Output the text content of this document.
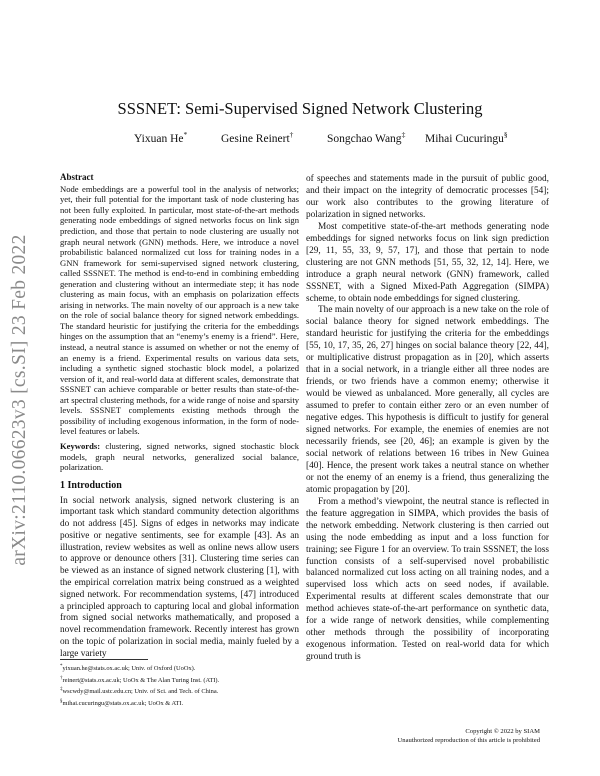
arXiv:2110.06623v3 [cs.SI] 23 Feb 2022
SSSNET: Semi-Supervised Signed Network Clustering
Yixuan He*	Gesine Reinert†	Songchao Wang‡ Mihai Cucuringu§
Abstract

Node embeddings are a powerful tool in the analysis of networks; yet, their full potential for the important task of node clustering has not been fully exploited. In particular, most state-of-the-art methods generating node embeddings of signed networks focus on link sign prediction, and those that pertain to node clustering are usually not graph neural network (GNN) methods. Here, we introduce a novel probabilistic balanced normalized cut loss for training nodes in a GNN framework for semi-supervised signed network clustering, called SSSNET. The method is end-to-end in combining embedding generation and clustering without an intermediate step; it has node clustering as main focus, with an emphasis on polarization effects arising in networks. The main novelty of our approach is a new take on the role of social balance theory for signed network embeddings. The standard heuristic for justifying the criteria for the embeddings hinges on the assumption that an “enemy’s enemy is a friend”. Here, instead, a neutral stance is assumed on whether or not the enemy of an enemy is a friend. Experimental results on various data sets, including a synthetic signed stochastic block model, a polarized version of it, and real-world data at different scales, demonstrate that SSSNET can achieve comparable or better results than state-of-the-art spectral clustering methods, for a wide range of noise and sparsity levels. SSSNET complements existing methods through the possibility of including exogenous information, in the form of node-level features or labels.

Keywords: clustering, signed networks, signed stochastic block models, graph neural networks, generalized social balance, polarization.

1 Introduction

In social network analysis, signed network clustering is an important task which standard community detection algorithms do not address [45]. Signs of edges in networks may indicate positive or negative sentiments, see for example [43]. As an illustration, review websites as well as online news allow users to approve or denounce others [31]. Clustering time series can be viewed as an instance of signed network clustering [1], with the empirical correlation matrix being construed as a weighted signed network. For recommendation systems, [47] introduced a principled approach to capturing local and global information from signed social networks mathematically, and proposed a novel recommendation framework. Recently interest has grown on the topic of polarization in social media, mainly fueled by a large variety

of speeches and statements made in the pursuit of public good, and their impact on the integrity of democratic processes [54]; our work also contributes to the growing literature of polarization in signed networks.

Most competitive state-of-the-art methods generating node embeddings for signed networks focus on link sign prediction [29, 11, 55, 33, 9, 57, 17], and those that pertain to node clustering are not GNN methods [51, 55, 32, 12, 14]. Here, we introduce a graph neural network (GNN) framework, called SSSNET, with a Signed Mixed-Path Aggregation (SIMPA) scheme, to obtain node embeddings for signed clustering.

The main novelty of our approach is a new take on the role of social balance theory for signed network embeddings. The standard heuristic for justifying the criteria for the embeddings [55, 10, 17, 35, 26, 27] hinges on social balance theory [22, 44], or multiplicative distrust propagation as in [20], which asserts that in a social network, in a triangle either all three nodes are friends, or two friends have a common enemy; otherwise it would be viewed as unbalanced. More generally, all cycles are assumed to prefer to contain either zero or an even number of negative edges. This hypothesis is difficult to justify for general signed networks. For example, the enemies of enemies are not necessarily friends, see [20, 46]; an example is given by the social network of relations between 16 tribes in New Guinea [40]. Hence, the present work takes a neutral stance on whether or not the enemy of an enemy is a friend, thus generalizing the atomic propagation by [20].

From a method’s viewpoint, the neutral stance is reflected in the feature aggregation in SIMPA, which provides the basis of the network embedding. Network clustering is then carried out using the node embedding as input and a loss function for training; see Figure 1 for an overview. To train SSSNET, the loss function consists of a self-supervised novel probabilistic balanced normalized cut loss acting on all training nodes, and a supervised loss which acts on seed nodes, if available. Experimental results at different scales demonstrate that our method achieves state-of-the-art performance on synthetic data, for a wide range of network densities, while complementing other methods through the possibility of incorporating exogenous information. Tested on real-world data for which ground truth is

*yixuan.he@stats.ox.ac.uk; Univ. of Oxford (UoOx).
†reinert@stats.ox.ac.uk; UoOx & The Alan Turing Inst. (ATI).
‡wscwdy@mail.ustc.edu.cn; Univ. of Sci. and Tech. of China.
§mihai.cucuringu@stats.ox.ac.uk; UoOx & ATI.
Copyright © 2022 by SIAM
Unauthorized reproduction of this article is prohibited
